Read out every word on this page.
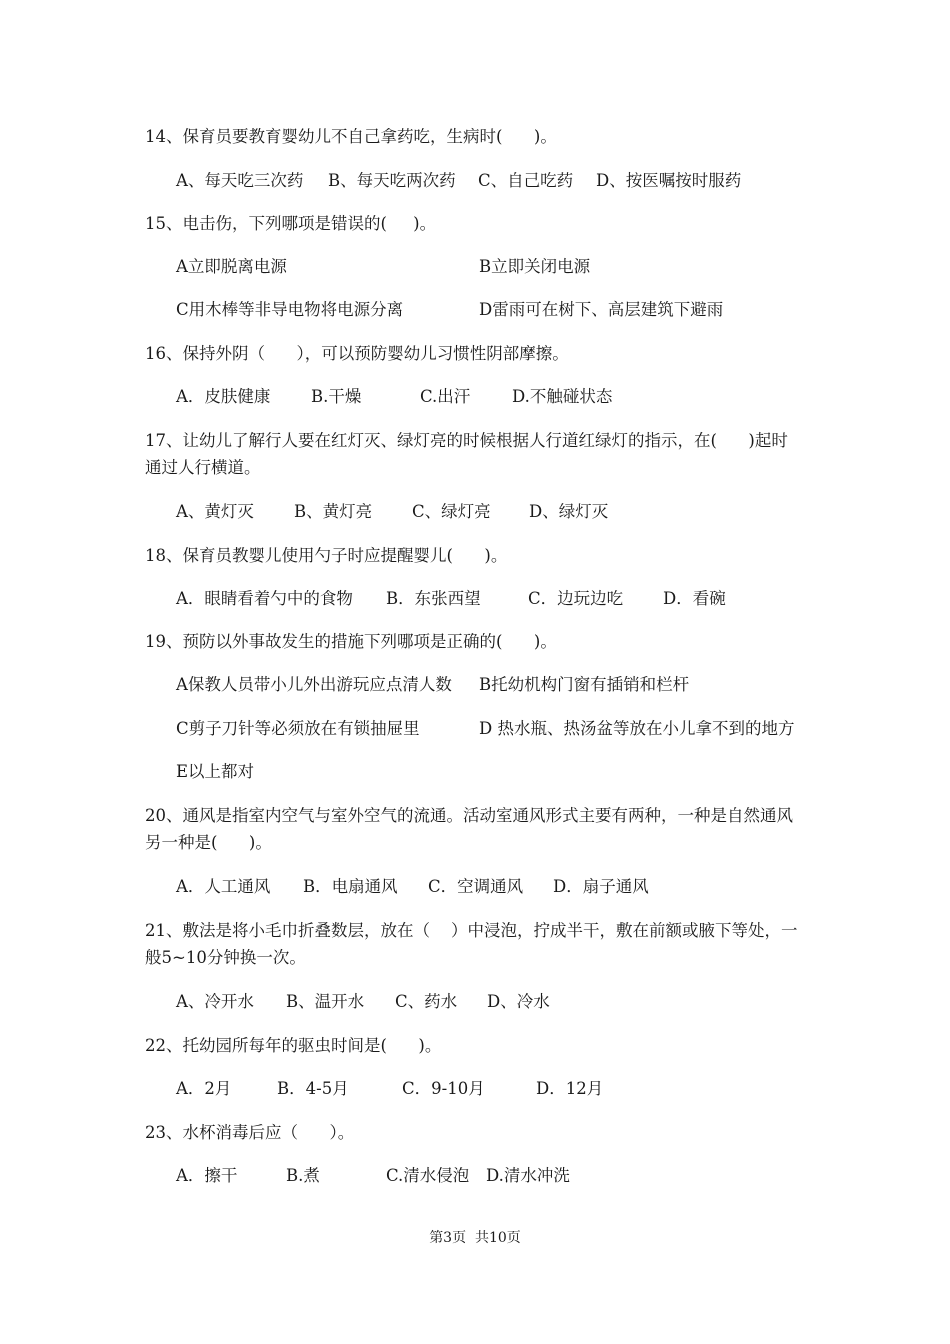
14、保育员要教育婴幼儿不自己拿药吃，生病时(      )。
A、每天吃三次药 B、每天吃两次药 C、自己吃药 D、按医嘱按时服药
15、电击伤，下列哪项是错误的(     )。
A立即脱离电源	B立即关闭电源
C用木棒等非导电物将电源分离	D雷雨可在树下、高层建筑下避雨
16、保持外阴（      ），可以预防婴幼儿习惯性阴部摩擦。
A．皮肤健康 B.干燥	C.出汗	D.不触碰状态
17、让幼儿了解行人要在红灯灭、绿灯亮的时候根据人行道红绿灯的指示，在(      )起时
通过人行横道。
A、黄灯灭 B、黄灯亮 C、绿灯亮 D、绿灯灭
18、保育员教婴儿使用勺子时应提醒婴儿(      )。
A．眼睛看着勺中的食物 B．东张西望	C．边玩边吃 D．看碗
19、预防以外事故发生的措施下列哪项是正确的(      )。
A保教人员带小儿外出游玩应点清人数 B托幼机构门窗有插销和栏杆
C剪子刀针等必须放在有锁抽屉里	D 热水瓶、热汤盆等放在小儿拿不到的地方
E以上都对
20、通风是指室内空气与室外空气的流通。活动室通风形式主要有两种，一种是自然通风
另一种是(      )。
A．人工通风 B．电扇通风 C．空调通风 D．扇子通风
21、敷法是将小毛巾折叠数层，放在（    ）中浸泡，拧成半干，敷在前额或腋下等处，一
般5~10分钟换一次。
A、冷开水 B、温开水 C、药水 D、冷水
22、托幼园所每年的驱虫时间是(      )。
A．2月	B．4-5月	C．9-10月	D．12月
23、水杯消毒后应（      ）。
A．擦干	B.煮	C.清水侵泡 D.清水冲洗
第3页  共10页
